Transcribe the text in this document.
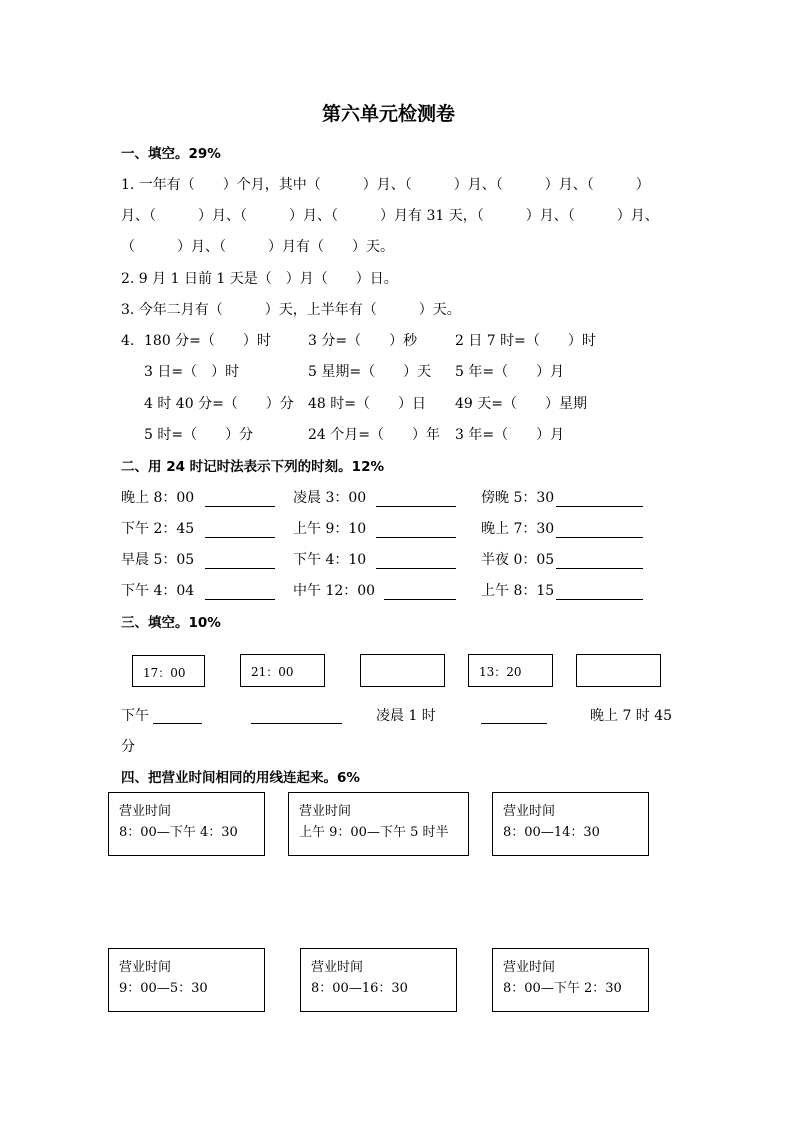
第六单元检测卷
一、填空。29%
1. 一年有（　　）个月，其中（　　　）月、（　　　）月、（　　　）月、（　　　）
月、（　　　）月、（　　　）月、（　　　）月有 31 天，（　　　）月、（　　　）月、
（　　　）月、（　　　）月有（　　）天。
2. 9 月 1 日前 1 天是（　）月（　　）日。
3. 今年二月有（　　　）天，上半年有（　　　）天。
4. 180 分=（　　）时	3 分=（　　）秒	2 日 7 时=（　　）时
3 日=（　）时	5 星期=（　　）天 5 年=（　　）月
4 时 40 分=（　　）分 48 时=（　　）日 49 天=（　　）星期
5 时=（　　）分	24 个月=（　　）年 3 年=（　　）月
二、用 24 时记时法表示下列的时刻。12%
晚上 8：00	凌晨 3：00	傍晚 5：30
下午 2：45	上午 9：10	晚上 7：30
早晨 5：05	下午 4：10	半夜 0：05
下午 4：04	中午 12：00	上午 8：15
三、填空。10%
17：00	21：00	13：20
下午	凌晨 1 时	晚上 7 时 45
分
四、把营业时间相同的用线连起来。6%
营业时间
8：00—下午 4：30
营业时间
上午 9：00—下午 5 时半
营业时间
8：00—14：30
营业时间
9：00—5：30
营业时间
8：00—16：30
营业时间
8：00—下午 2：30
